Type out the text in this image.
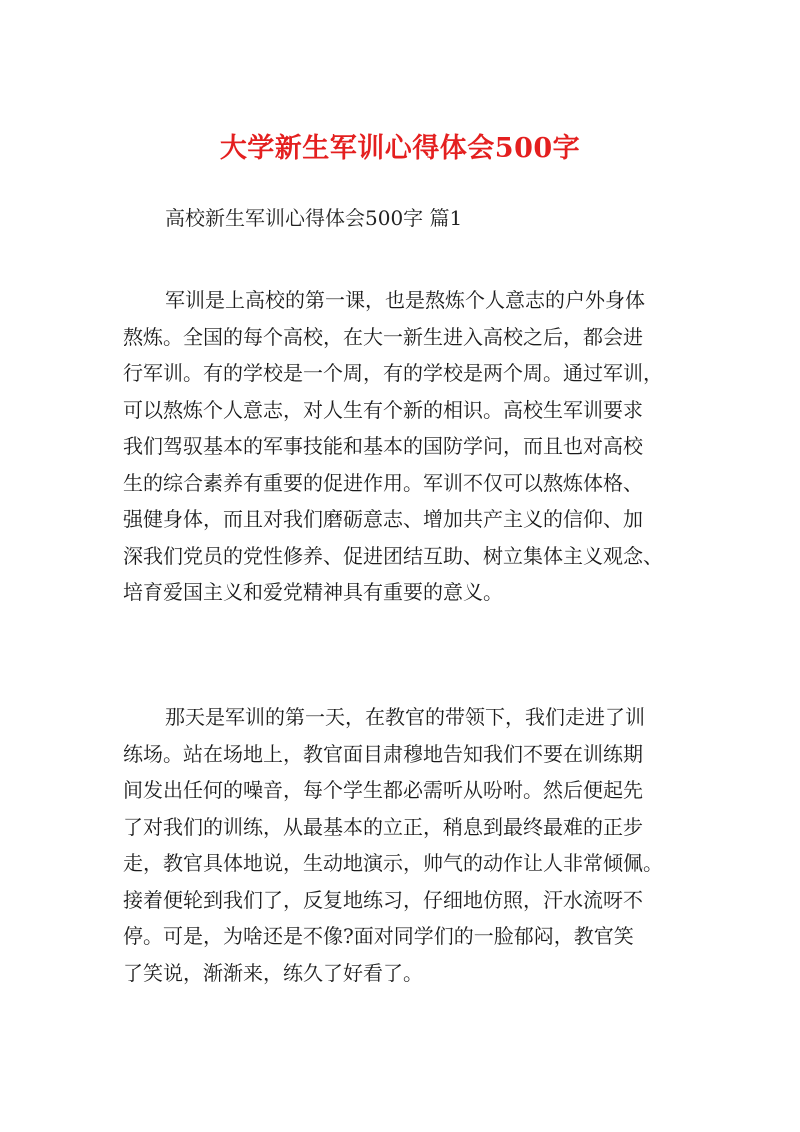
大学新生军训心得体会500字
高校新生军训心得体会500字 篇1
军训是上高校的第一课，也是熬炼个人意志的户外身体
熬炼。全国的每个高校，在大一新生进入高校之后，都会进
行军训。有的学校是一个周，有的学校是两个周。通过军训，
可以熬炼个人意志，对人生有个新的相识。高校生军训要求
我们驾驭基本的军事技能和基本的国防学问，而且也对高校
生的综合素养有重要的促进作用。军训不仅可以熬炼体格、
强健身体，而且对我们磨砺意志、增加共产主义的信仰、加
深我们党员的党性修养、促进团结互助、树立集体主义观念、
培育爱国主义和爱党精神具有重要的意义。
那天是军训的第一天，在教官的带领下，我们走进了训
练场。站在场地上，教官面目肃穆地告知我们不要在训练期
间发出任何的噪音，每个学生都必需听从吩咐。然后便起先
了对我们的训练，从最基本的立正，稍息到最终最难的正步
走，教官具体地说，生动地演示，帅气的动作让人非常倾佩。
接着便轮到我们了，反复地练习，仔细地仿照，汗水流呀不
停。可是，为啥还是不像?面对同学们的一脸郁闷，教官笑
了笑说，渐渐来，练久了好看了。
